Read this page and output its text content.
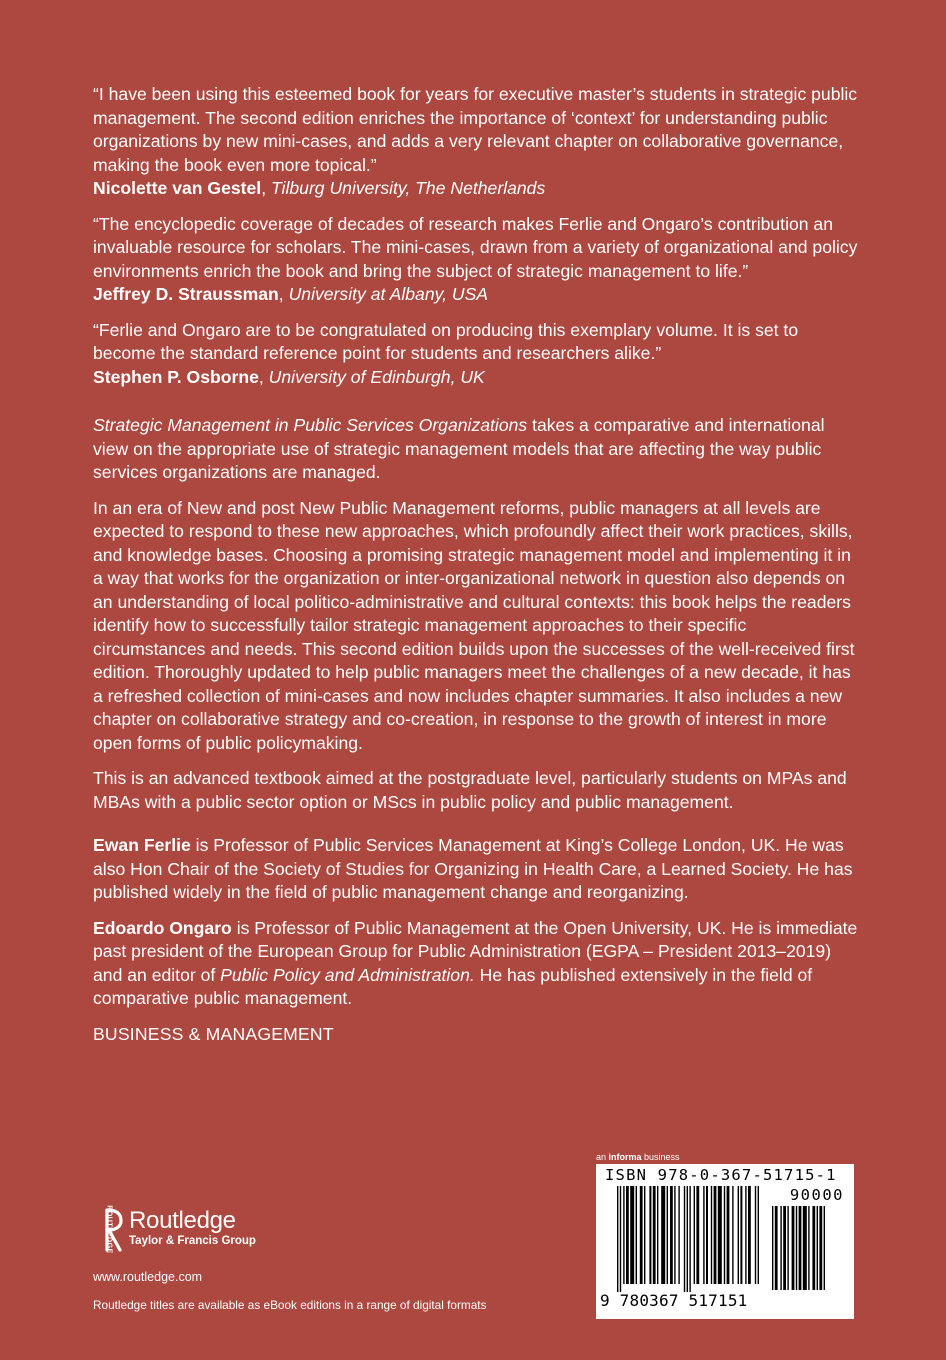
“I have been using this esteemed book for years for executive master’s students in strategic public management. The second edition enriches the importance of ‘context’ for understanding public organizations by new mini-cases, and adds a very relevant chapter on collaborative governance, making the book even more topical.”

Nicolette van Gestel, Tilburg University, The Netherlands

“The encyclopedic coverage of decades of research makes Ferlie and Ongaro’s contribution an invaluable resource for scholars. The mini-cases, drawn from a variety of organizational and policy environments enrich the book and bring the subject of strategic management to life.”

Jeffrey D. Straussman, University at Albany, USA

“Ferlie and Ongaro are to be congratulated on producing this exemplary volume. It is set to become the standard reference point for students and researchers alike.”

Stephen P. Osborne, University of Edinburgh, UK

Strategic Management in Public Services Organizations takes a comparative and international view on the appropriate use of strategic management models that are affecting the way public services organizations are managed.

In an era of New and post New Public Management reforms, public managers at all levels are expected to respond to these new approaches, which profoundly affect their work practices, skills, and knowledge bases. Choosing a promising strategic management model and implementing it in a way that works for the organization or inter-organizational network in question also depends on an understanding of local politico-administrative and cultural contexts: this book helps the readers identify how to successfully tailor strategic management approaches to their specific circumstances and needs. This second edition builds upon the successes of the well-received first edition. Thoroughly updated to help public managers meet the challenges of a new decade, it has a refreshed collection of mini-cases and now includes chapter summaries. It also includes a new chapter on collaborative strategy and co-creation, in response to the growth of interest in more open forms of public policymaking.

This is an advanced textbook aimed at the postgraduate level, particularly students on MPAs and MBAs with a public sector option or MScs in public policy and public management.

Ewan Ferlie is Professor of Public Services Management at King’s College London, UK. He was also Hon Chair of the Society of Studies for Organizing in Health Care, a Learned Society. He has published widely in the field of public management change and reorganizing.

Edoardo Ongaro is Professor of Public Management at the Open University, UK. He is immediate past president of the European Group for Public Administration (EGPA – President 2013–2019) and an editor of Public Policy and Administration. He has published extensively in the field of comparative public management.

BUSINESS & MANAGEMENT

ROUTLEDGE Routledge
Taylor & Francis Group
www.routledge.com
Routledge titles are available as eBook editions in a range of digital formats
an informa business
ISBN 978-0-367-51715-1
90000
9 780367 517151
